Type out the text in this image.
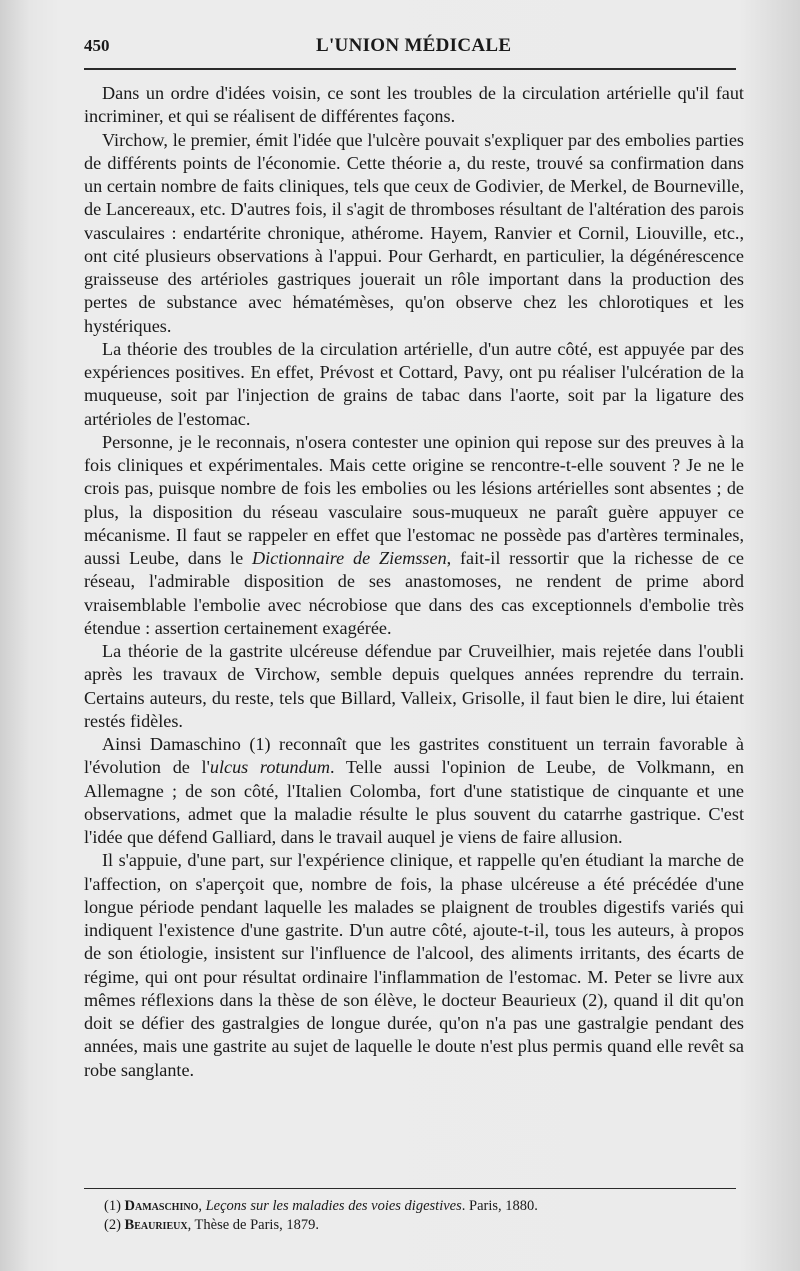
450	L'UNION MÉDICALE

Dans un ordre d'idées voisin, ce sont les troubles de la circulation artérielle qu'il faut incriminer, et qui se réalisent de différentes façons.

Virchow, le premier, émit l'idée que l'ulcère pouvait s'expliquer par des embolies parties de différents points de l'économie. Cette théorie a, du reste, trouvé sa confirmation dans un certain nombre de faits cliniques, tels que ceux de Godivier, de Merkel, de Bourneville, de Lancereaux, etc. D'autres fois, il s'agit de thromboses résultant de l'altération des parois vasculaires : endartérite chronique, athérome. Hayem, Ranvier et Cornil, Liouville, etc., ont cité plusieurs observations à l'appui. Pour Gerhardt, en particulier, la dégénérescence graisseuse des artérioles gastriques jouerait un rôle important dans la production des pertes de substance avec hématémèses, qu'on observe chez les chlorotiques et les hystériques.

La théorie des troubles de la circulation artérielle, d'un autre côté, est appuyée par des expériences positives. En effet, Prévost et Cottard, Pavy, ont pu réaliser l'ulcération de la muqueuse, soit par l'injection de grains de tabac dans l'aorte, soit par la ligature des artérioles de l'estomac.

Personne, je le reconnais, n'osera contester une opinion qui repose sur des preuves à la fois cliniques et expérimentales. Mais cette origine se rencontre-t-elle souvent ? Je ne le crois pas, puisque nombre de fois les embolies ou les lésions artérielles sont absentes ; de plus, la disposition du réseau vasculaire sous-muqueux ne paraît guère appuyer ce mécanisme. Il faut se rappeler en effet que l'estomac ne possède pas d'artères terminales, aussi Leube, dans le Dictionnaire de Ziemssen, fait-il ressortir que la richesse de ce réseau, l'admirable disposition de ses anastomoses, ne rendent de prime abord vraisemblable l'embolie avec nécrobiose que dans des cas exceptionnels d'embolie très étendue : assertion certainement exagérée.

La théorie de la gastrite ulcéreuse défendue par Cruveilhier, mais rejetée dans l'oubli après les travaux de Virchow, semble depuis quelques années reprendre du terrain. Certains auteurs, du reste, tels que Billard, Valleix, Grisolle, il faut bien le dire, lui étaient restés fidèles.

Ainsi Damaschino (1) reconnaît que les gastrites constituent un terrain favorable à l'évolution de l'ulcus rotundum. Telle aussi l'opinion de Leube, de Volkmann, en Allemagne ; de son côté, l'Italien Colomba, fort d'une statistique de cinquante et une observations, admet que la maladie résulte le plus souvent du catarrhe gastrique. C'est l'idée que défend Galliard, dans le travail auquel je viens de faire allusion.

Il s'appuie, d'une part, sur l'expérience clinique, et rappelle qu'en étudiant la marche de l'affection, on s'aperçoit que, nombre de fois, la phase ulcéreuse a été précédée d'une longue période pendant laquelle les malades se plaignent de troubles digestifs variés qui indiquent l'existence d'une gastrite. D'un autre côté, ajoute-t-il, tous les auteurs, à propos de son étiologie, insistent sur l'influence de l'alcool, des aliments irritants, des écarts de régime, qui ont pour résultat ordinaire l'inflammation de l'estomac. M. Peter se livre aux mêmes réflexions dans la thèse de son élève, le docteur Beaurieux (2), quand il dit qu'on doit se défier des gastralgies de longue durée, qu'on n'a pas une gastralgie pendant des années, mais une gastrite au sujet de laquelle le doute n'est plus permis quand elle revêt sa robe sanglante.

(1) Damaschino, Leçons sur les maladies des voies digestives. Paris, 1880.

(2) Beaurieux, Thèse de Paris, 1879.
